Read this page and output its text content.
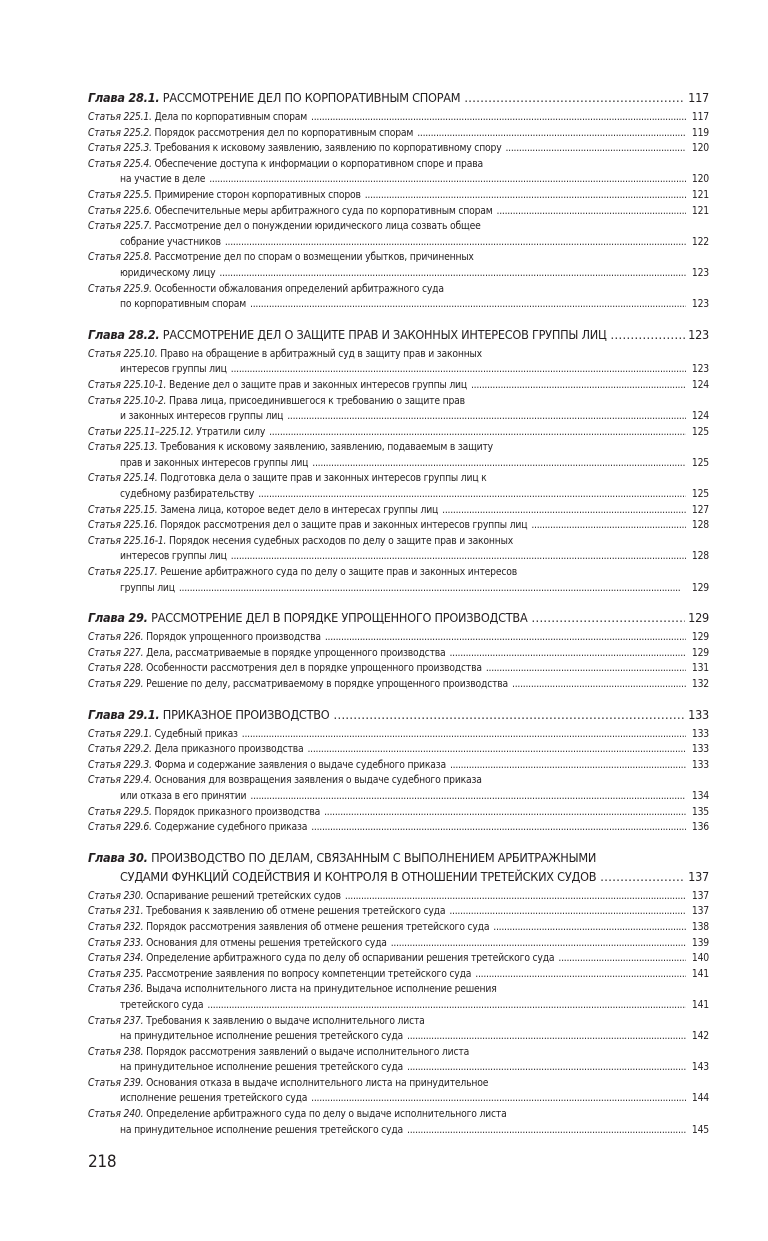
Глава 28.1.
РАССМОТРЕНИЕ ДЕЛ ПО КОРПОРАТИВНЫМ СПОРАМ . . .	117
Статья 225.1.
Дела по корпоративным спорам . . .	117
Статья 225.2.
Порядок рассмотрения дел по корпоративным спорам . . .	119
Статья 225.3.
Требования к исковому заявлению, заявлению по корпоративному спору . . .	120
Статья 225.4.
Обеспечение доступа к информации о корпоративном споре и права
на участие в деле . . .	120
Статья 225.5.
Примирение сторон корпоративных споров . . .	121
Статья 225.6.
Обеспечительные меры арбитражного суда по корпоративным спорам . . .	121
Статья 225.7.
Рассмотрение дел о понуждении юридического лица созвать общее
собрание участников . . .	122
Статья 225.8.
Рассмотрение дел по спорам о возмещении убытков, причиненных
юридическому лицу . . .	123
Статья 225.9.
Особенности обжалования определений арбитражного суда
по корпоративным спорам . . .	123
Глава 28.2.
РАССМОТРЕНИЕ ДЕЛ О ЗАЩИТЕ ПРАВ И ЗАКОННЫХ ИНТЕРЕСОВ ГРУППЫ ЛИЦ . . .	123
Статья 225.10.
Право на обращение в арбитражный суд в защиту прав и законных
интересов группы лиц . . .	123
Статья 225.10-1.
Ведение дел о защите прав и законных интересов группы лиц . . .	124
Статья 225.10-2.
Права лица, присоединившегося к требованию о защите прав
и законных интересов группы лиц . . .	124
Статьи 225.11–225.12.
Утратили силу . . .	125
Статья 225.13.
Требования к исковому заявлению, заявлению, подаваемым в защиту
прав и законных интересов группы лиц . . .	125
Статья 225.14.
Подготовка дела о защите прав и законных интересов группы лиц к
судебному разбирательству . . .	125
Статья 225.15.
Замена лица, которое ведет дело в интересах группы лиц . . .	127
Статья 225.16.
Порядок рассмотрения дел о защите прав и законных интересов группы лиц . . .	128
Статья 225.16-1.
Порядок несения судебных расходов по делу о защите прав и законных
интересов группы лиц . . .	128
Статья 225.17.
Решение арбитражного суда по делу о защите прав и законных интересов
группы лиц . . .	129
Глава 29.
РАССМОТРЕНИЕ ДЕЛ В ПОРЯДКЕ УПРОЩЕННОГО ПРОИЗВОДСТВА . . .	129
Статья 226.
Порядок упрощенного производства . . .	129
Статья 227.
Дела, рассматриваемые в порядке упрощенного производства . . .	129
Статья 228.
Особенности рассмотрения дел в порядке упрощенного производства . . .	131
Статья 229.
Решение по делу, рассматриваемому в порядке упрощенного производства . . .	132
Глава 29.1.
ПРИКАЗНОЕ ПРОИЗВОДСТВО . . .	133
Статья 229.1.
Судебный приказ . . .	133
Статья 229.2.
Дела приказного производства . . .	133
Статья 229.3.
Форма и содержание заявления о выдаче судебного приказа . . .	133
Статья 229.4.
Основания для возвращения заявления о выдаче судебного приказа
или отказа в его принятии . . .	134
Статья 229.5.
Порядок приказного производства . . .	135
Статья 229.6.
Содержание судебного приказа . . .	136
Глава 30.
ПРОИЗВОДСТВО ПО ДЕЛАМ, СВЯЗАННЫМ С ВЫПОЛНЕНИЕМ АРБИТРАЖНЫМИ
СУДАМИ ФУНКЦИЙ СОДЕЙСТВИЯ И КОНТРОЛЯ В ОТНОШЕНИИ ТРЕТЕЙСКИХ СУДОВ . . .	137
Статья 230.
Оспаривание решений третейских судов . . .	137
Статья 231.
Требования к заявлению об отмене решения третейского суда . . .	137
Статья 232.
Порядок рассмотрения заявления об отмене решения третейского суда . . .	138
Статья 233.
Основания для отмены решения третейского суда . . .	139
Статья 234.
Определение арбитражного суда по делу об оспаривании решения третейского суда . . .	140
Статья 235.
Рассмотрение заявления по вопросу компетенции третейского суда . . .	141
Статья 236.
Выдача исполнительного листа на принудительное исполнение решения
третейского суда . . .	141
Статья 237.
Требования к заявлению о выдаче исполнительного листа
на принудительное исполнение решения третейского суда . . .	142
Статья 238.
Порядок рассмотрения заявлений о выдаче исполнительного листа
на принудительное исполнение решения третейского суда . . .	143
Статья 239.
Основания отказа в выдаче исполнительного листа на принудительное
исполнение решения третейского суда . . .	144
Статья 240.
Определение арбитражного суда по делу о выдаче исполнительного листа
на принудительное исполнение решения третейского суда . . .	145
218
